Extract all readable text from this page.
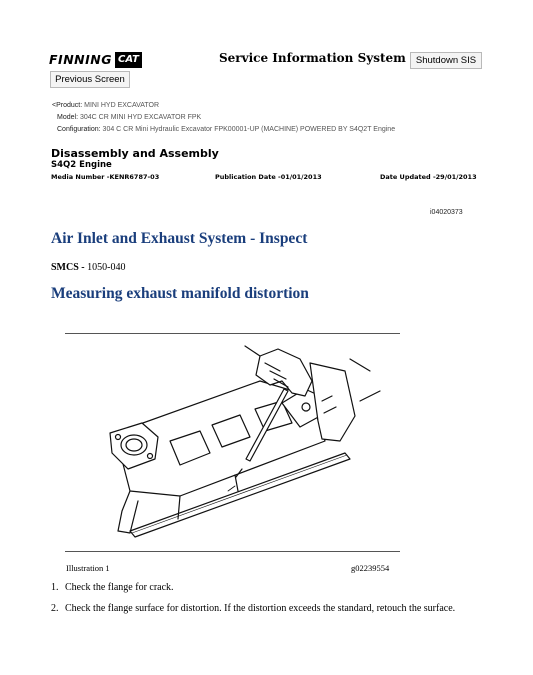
FINNING CAT	Service Information System	Shutdown SIS
Previous Screen
<Product: MINI HYD EXCAVATOR
Model: 304C CR MINI HYD EXCAVATOR FPK
Configuration: 304 C CR Mini Hydraulic Excavator FPK00001-UP (MACHINE) POWERED BY S4Q2T Engine
Disassembly and Assembly
S4Q2 Engine
Media Number -KENR6787-03	Publication Date -01/01/2013	Date Updated -29/01/2013
i04020373
Air Inlet and Exhaust System - Inspect
SMCS - 1050-040
Measuring exhaust manifold distortion
Illustration 1	g02239554
1. Check the flange for crack.
2. Check the flange surface for distortion. If the distortion exceeds the standard, retouch the surface.
